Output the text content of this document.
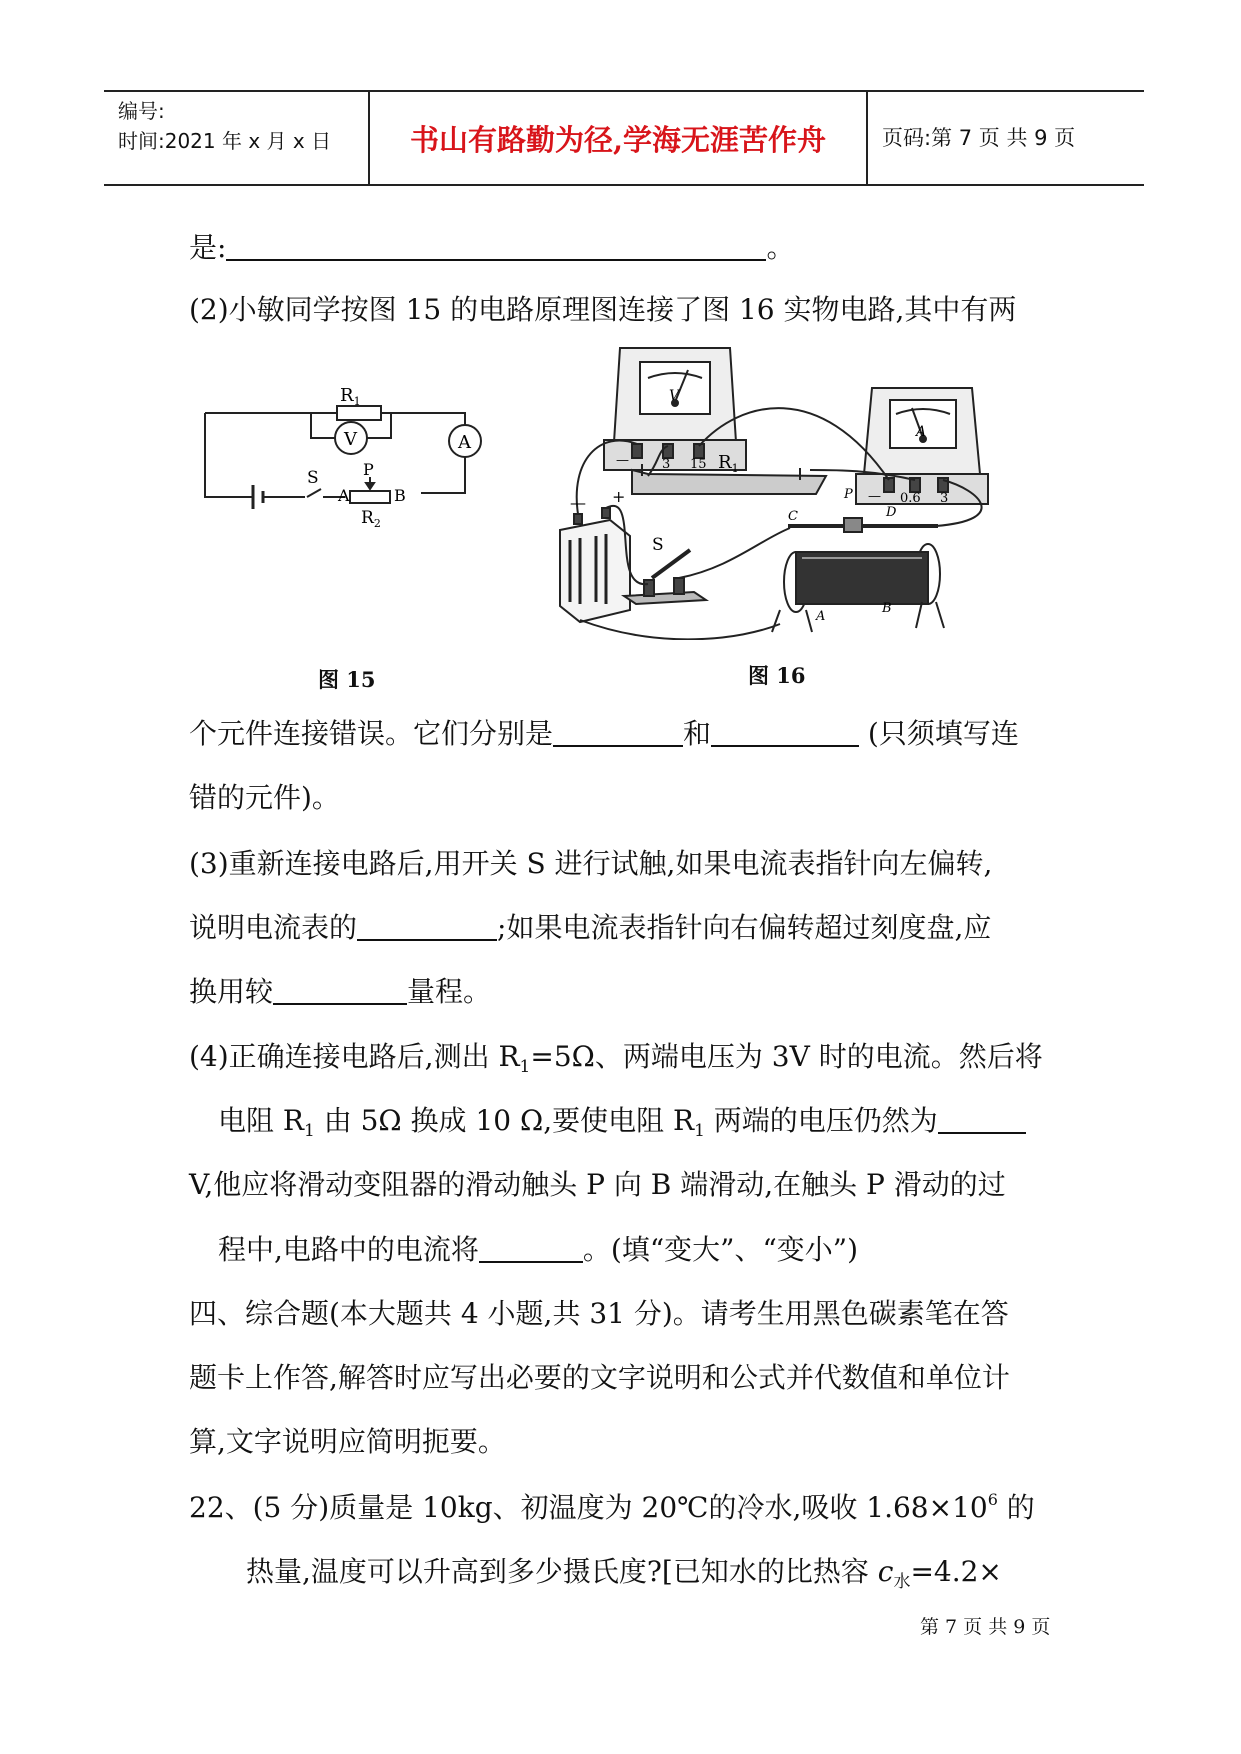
编号:
时间:2021 年 x 月 x 日	书山有路勤为径,学海无涯苦作舟	页码:第 7 页 共 9 页
是:	。
(2)小敏同学按图 15 的电路原理图连接了图 16 实物电路,其中有两
$R_1$
V	A
S	P
A	B
$R_2$
图 15
V
A
—	3 15
— 0.6 3
$R_1$
— +
S
P
C	D
A
B
图 16
个元件连接错误。它们分别是	和	(只须填写连
错的元件)。
(3)重新连接电路后,用开关 S 进行试触,如果电流表指针向左偏转,
说明电流表的	;如果电流表指针向右偏转超过刻度盘,应
换用较	量程。
(4)正确连接电路后,测出 $R_1=5\Omega$、两端电压为 3V 时的电流。然后将
电阻 $R_1$ 由 5Ω 换成 10 Ω,要使电阻 $R_1$ 两端的电压仍然为
V,他应将滑动变阻器的滑动触头 P 向 B 端滑动,在触头 P 滑动的过
程中,电路中的电流将	。(填“变大”、“变小”)
四、综合题(本大题共 4 小题,共 31 分)。请考生用黑色碳素笔在答
题卡上作答,解答时应写出必要的文字说明和公式并代数值和单位计
算,文字说明应简明扼要。
22、(5 分)质量是 10kg、初温度为 20℃的冷水,吸收 $1.68\times 10^6$ 的
热量,温度可以升高到多少摄氏度?[已知水的比热容 $c_水=4.2\times$
第 7 页 共 9 页
